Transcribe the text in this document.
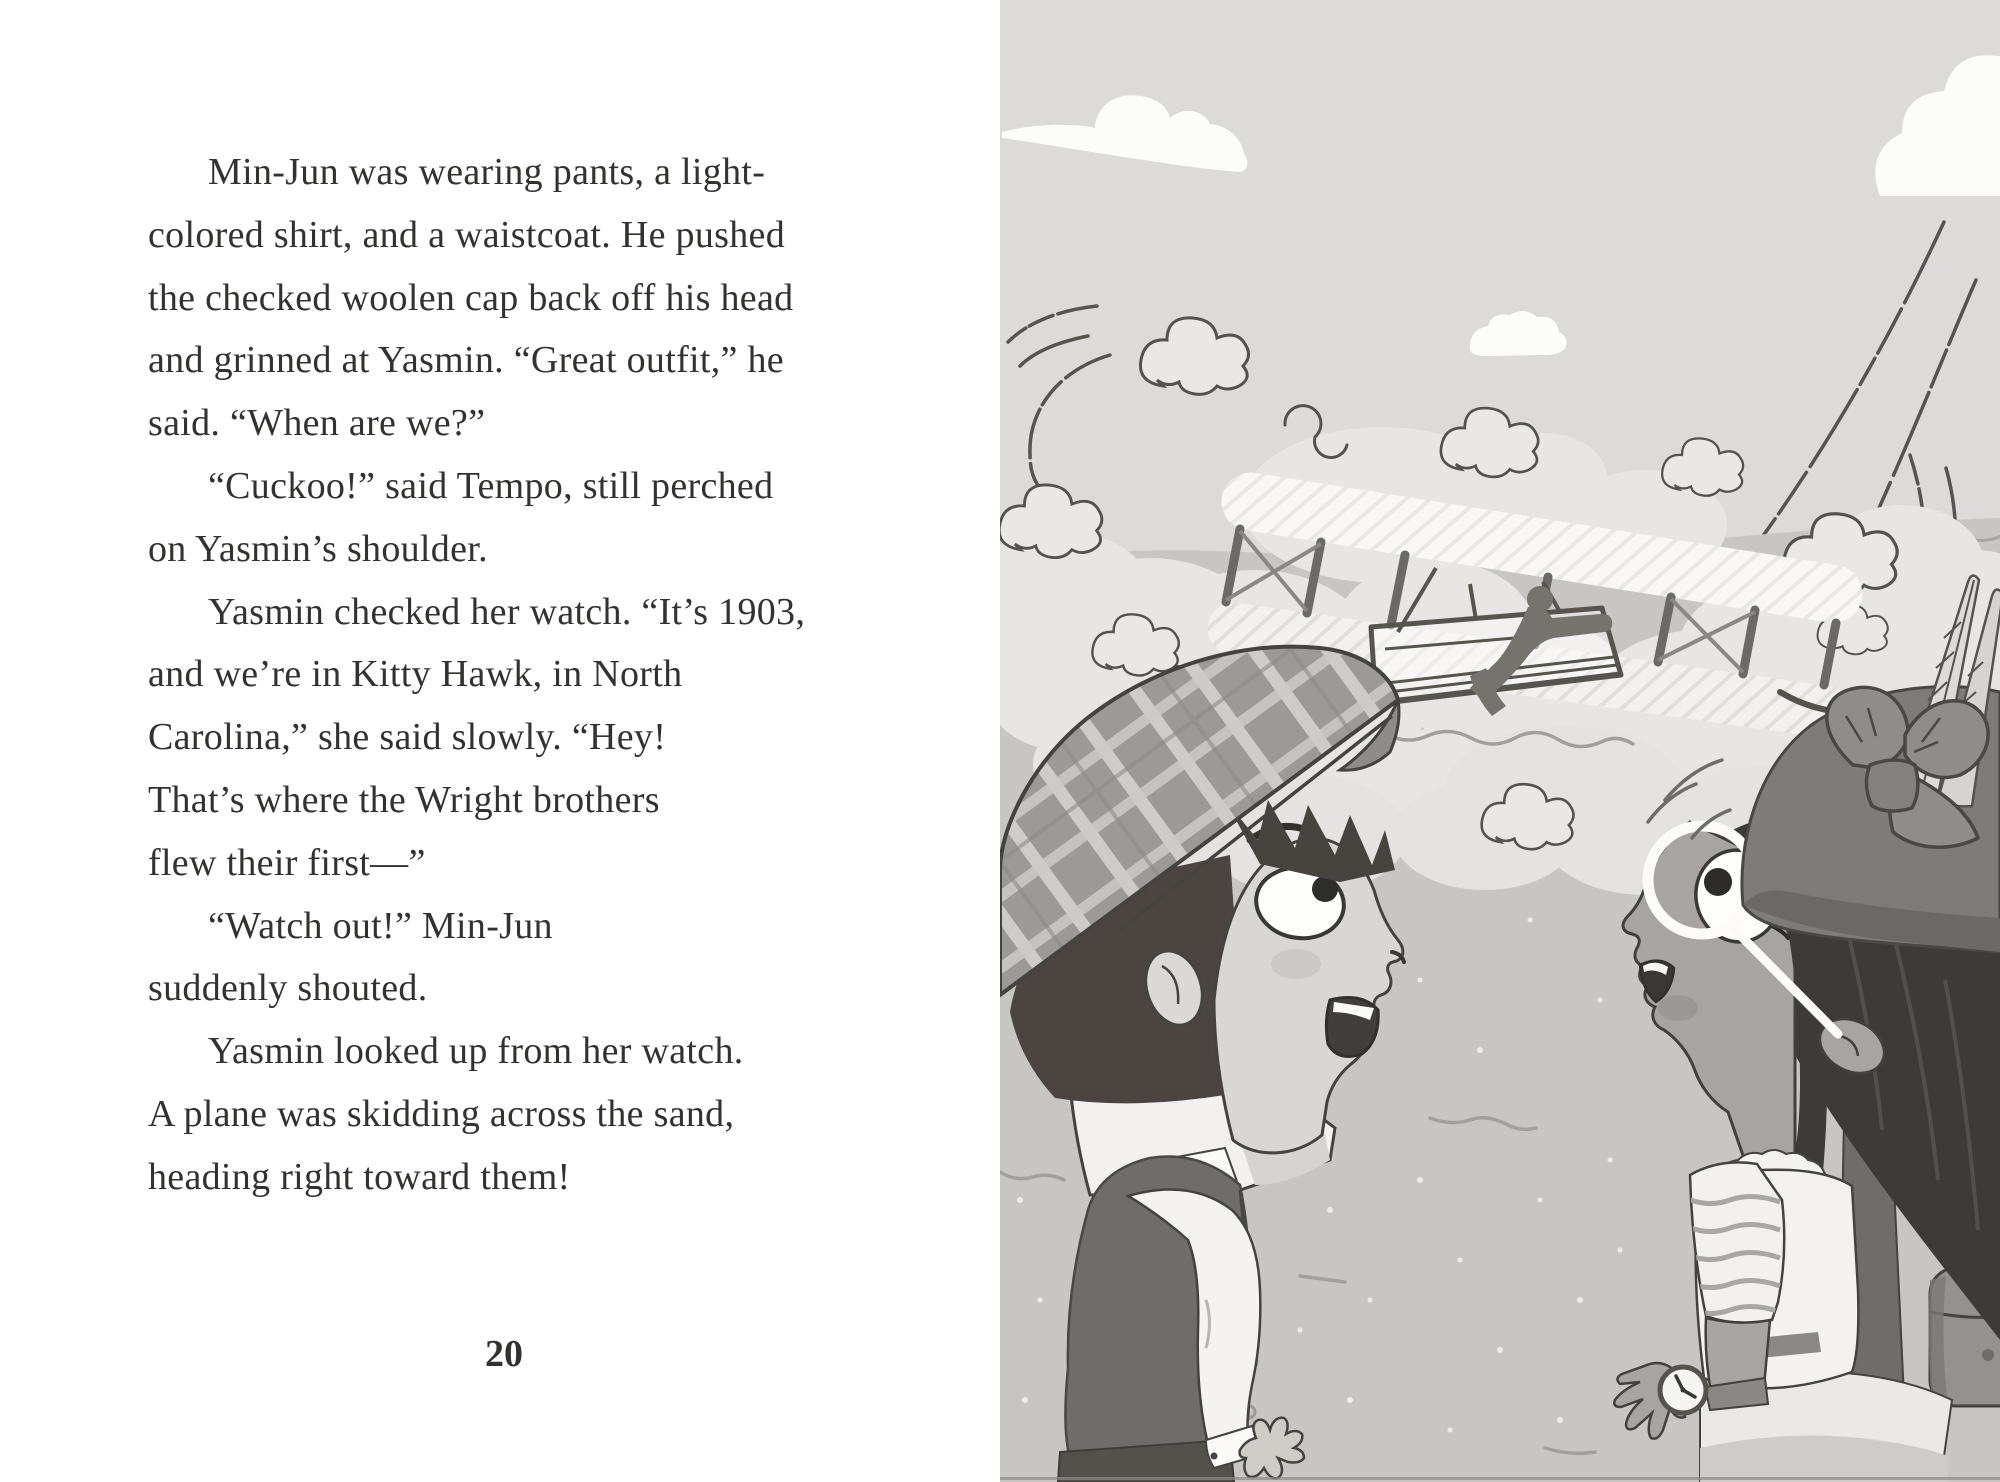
Min-Jun was wearing pants, a light-
colored shirt, and a waistcoat. He pushed
the checked woolen cap back off his head
and grinned at Yasmin. “Great outfit,” he
said. “When are we?”
“Cuckoo!” said Tempo, still perched
on Yasmin’s shoulder.
Yasmin checked her watch. “It’s 1903,
and we’re in Kitty Hawk, in North
Carolina,” she said slowly. “Hey!
That’s where the Wright brothers
flew their first—”
“Watch out!” Min-Jun
suddenly shouted.
Yasmin looked up from her watch.
A plane was skidding across the sand,
heading right toward them!
20
